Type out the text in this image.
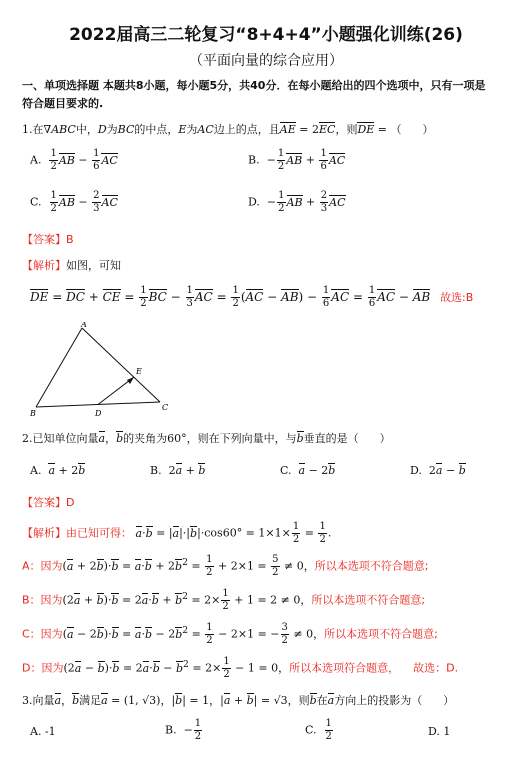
2022届高三二轮复习“8+4+4”小题强化训练(26)
（平面向量的综合应用）
一、单项选择题 本题共8小题，每小题5分，共40分．在每小题给出的四个选项中，只有一项是
符合题目要求的.
1.在∇ABC中，D为BC的中点，E为AC边上的点，且AE = 2EC，则DE = （      ）
A. $\frac{1}{2}$ AB − $\frac{1}{6}$ AC	B.  − $\frac{1}{2}$ AB + $\frac{1}{6}$ AC
C. $\frac{1}{2}$ AB − $\frac{2}{3}$ AC	D.  − $\frac{1}{2}$ AB + $\frac{2}{3}$ AC
【答案】B
【解析】如图，可知
DE = DC + CE = $\frac{1}{2}$ BC − $\frac{1}{3}$ AC = $\frac{1}{2} (AC - AB) - \frac{1}{6}$ AC = $\frac{1}{6}$ AC − AB 故选:B
A
B
C
D
E
2.已知单位向量a，b的夹角为60°，则在下列向量中，与b垂直的是（      ）
A.  a + 2b	B.  2a + b	C.  a − 2b	D.  2a − b
【答案】D
【解析】由已知可得： $a\cdot b = |a|\cdot|b|\cdot\cos 60^\circ = 1\times 1\times \frac{1}{2} = \frac{1}{2}$ .
A：因为$(a + 2b)\cdot b = a\cdot b + 2b^2 = \frac{1}{2} + 2\times 1 = \frac{5}{2} \ne 0$，所以本选项不符合题意;
B：因为$(2a + b)\cdot b = 2a\cdot b + b^2 = 2\times \frac{1}{2} + 1 = 2 \ne 0$，所以本选项不符合题意;
C：因为$(a - 2b)\cdot b = a\cdot b - 2b^2 = \frac{1}{2} - 2\times 1$ = − $\frac{3}{2} \ne 0$，所以本选项不符合题意;
D：因为$(2a - b)\cdot b = 2a\cdot b - b^2 = 2\times \frac{1}{2} - 1 = 0$，所以本选项符合题意，    故选：D.
3.向量a，b满足a = (1, √3)，|b| = 1，|a + b| = √3，则b在a方向上的投影为（      ）
A. -1	B.  − $\frac{1}{2}$	C. $\frac{1}{2}$	D. 1
